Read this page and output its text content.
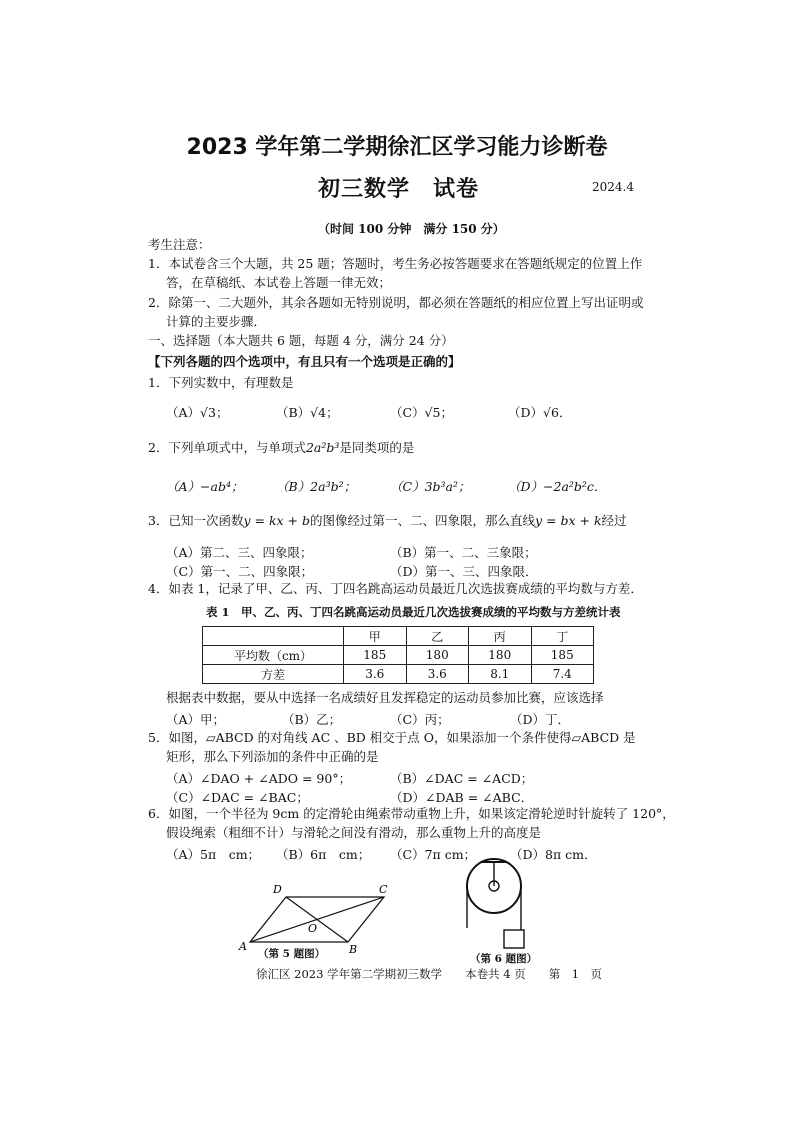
2023 学年第二学期徐汇区学习能力诊断卷
初三数学　试卷	2024.4
（时间 100 分钟　满分 150 分）
考生注意：
1．本试卷含三个大题，共 25 题；答题时，考生务必按答题要求在答题纸规定的位置上作
答，在草稿纸、本试卷上答题一律无效；
2．除第一、二大题外，其余各题如无特别说明，都必须在答题纸的相应位置上写出证明或
计算的主要步骤．
一、选择题（本大题共 6 题，每题 4 分，满分 24 分）
【下列各题的四个选项中，有且只有一个选项是正确的】
1．下列实数中，有理数是
（A）√3；	（B）√4；	（C）√5；	（D）√6．
2．下列单项式中，与单项式2a²b³是同类项的是
（A）−ab⁴；	（B）2a³b²；	（C）3b³a²；	（D）−2a²b²c．
3．已知一次函数y = kx + b的图像经过第一、二、四象限，那么直线y = bx + k经过
（A）第二、三、四象限；	（B）第一、二、三象限；
（C）第一、二、四象限；	（D）第一、三、四象限．
4．如表 1，记录了甲、乙、丙、丁四名跳高运动员最近几次选拔赛成绩的平均数与方差．
表 1　甲、乙、丙、丁四名跳高运动员最近几次选拔赛成绩的平均数与方差统计表
	甲	乙	丙	丁
平均数（cm）	185	180	180	185
方差	3.6	3.6	8.1	7.4
根据表中数据，要从中选择一名成绩好且发挥稳定的运动员参加比赛，应该选择
（A）甲；	（B）乙；	（C）丙；	（D）丁．
5．如图，▱ABCD 的对角线 AC 、BD 相交于点 O，如果添加一个条件使得▱ABCD 是
矩形，那么下列添加的条件中正确的是
（A）∠DAO + ∠ADO = 90°；	（B）∠DAC = ∠ACD；
（C）∠DAC = ∠BAC；	（D）∠DAB = ∠ABC．
6．如图，一个半径为 9cm 的定滑轮由绳索带动重物上升，如果该定滑轮逆时针旋转了 120°，
假设绳索（粗细不计）与滑轮之间没有滑动，那么重物上升的高度是
（A）5π　cm； （B）6π　cm； （C）7π cm；	（D）8π cm．
A	B
C
D
O
（第 5 题图）	（第 6 题图）
徐汇区 2023 学年第二学期初三数学　　本卷共 4 页　　第　1　页
